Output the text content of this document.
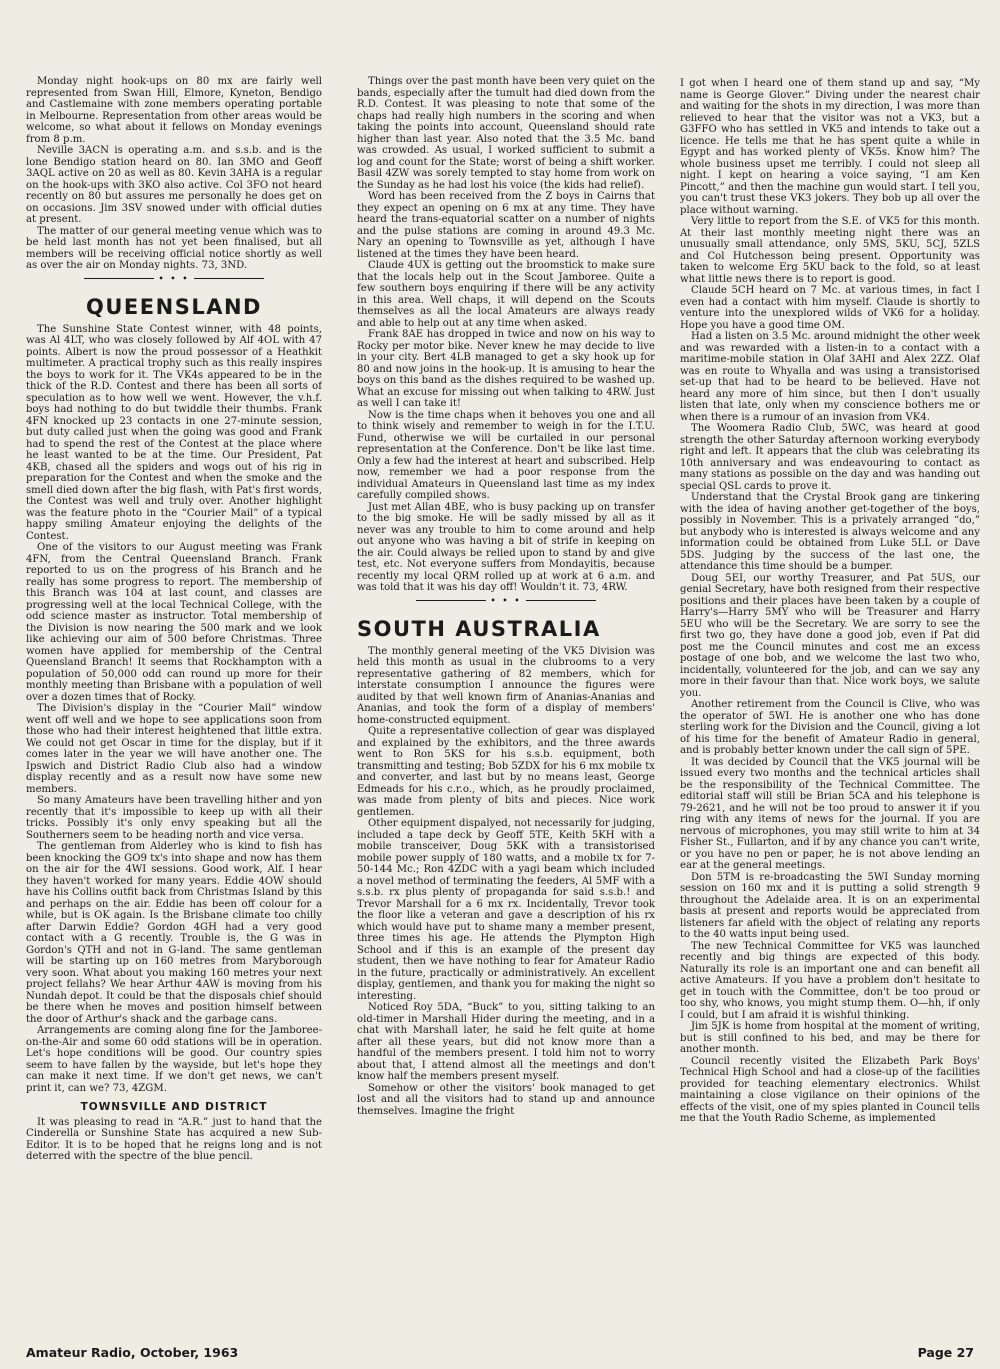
Monday night hook-ups on 80 mx are fairly well represented from Swan Hill, Elmore, Kyneton, Bendigo and Castlemaine with zone members operating portable in Melbourne. Representation from other areas would be welcome, so what about it fellows on Monday evenings from 8 p.m.

Neville 3ACN is operating a.m. and s.s.b. and is the lone Bendigo station heard on 80. Ian 3MO and Geoff 3AQL active on 20 as well as 80. Kevin 3AHA is a regular on the hook-ups with 3KO also active. Col 3FO not heard recently on 80 but assures me personally he does get on on occasions. Jim 3SV snowed under with official duties at present.

The matter of our general meeting venue which was to be held last month has not yet been finalised, but all members will be receiving official notice shortly as well as over the air on Monday nights. 73, 3ND.

• • •
QUEENSLAND

The Sunshine State Contest winner, with 48 points, was Al 4LT, who was closely followed by Alf 4OL with 47 points. Albert is now the proud possessor of a Heathkit multimeter. A practical trophy such as this really inspires the boys to work for it. The VK4s appeared to be in the thick of the R.D. Contest and there has been all sorts of speculation as to how well we went. However, the v.h.f. boys had nothing to do but twiddle their thumbs. Frank 4FN knocked up 23 contacts in one 27-minute session, but duty called just when the going was good and Frank had to spend the rest of the Contest at the place where he least wanted to be at the time. Our President, Pat 4KB, chased all the spiders and wogs out of his rig in preparation for the Contest and when the smoke and the smell died down after the big flash, with Pat's first words, the Contest was well and truly over. Another highlight was the feature photo in the “Courier Mail” of a typical happy smiling Amateur enjoying the delights of the Contest.

One of the visitors to our August meeting was Frank 4FN, from the Central Queensland Branch. Frank reported to us on the progress of his Branch and he really has some progress to report. The membership of this Branch was 104 at last count, and classes are progressing well at the local Technical College, with the odd science master as instructor. Total membership of the Division is now nearing the 500 mark and we look like achieving our aim of 500 before Christmas. Three women have applied for membership of the Central Queensland Branch! It seems that Rockhampton with a population of 50,000 odd can round up more for their monthly meeting than Brisbane with a population of well over a dozen times that of Rocky.

The Division's display in the “Courier Mail” window went off well and we hope to see applications soon from those who had their interest heightened that little extra. We could not get Oscar in time for the display, but if it comes later in the year we will have another one. The Ipswich and District Radio Club also had a window display recently and as a result now have some new members.

So many Amateurs have been travelling hither and yon recently that it's impossible to keep up with all their tricks. Possibly it's only envy speaking but all the Southerners seem to be heading north and vice versa.

The gentleman from Alderley who is kind to fish has been knocking the GO9 tx's into shape and now has them on the air for the 4WI sessions. Good work, Alf. I hear they haven't worked for many years. Eddie 4OW should have his Collins outfit back from Christmas Island by this and perhaps on the air. Eddie has been off colour for a while, but is OK again. Is the Brisbane climate too chilly after Darwin Eddie? Gordon 4GH had a very good contact with a G recently. Trouble is, the G was in Gordon's QTH and not in G-land. The same gentleman will be starting up on 160 metres from Maryborough very soon. What about you making 160 metres your next project fellahs? We hear Arthur 4AW is moving from his Nundah depot. It could be that the disposals chief should be there when he moves and position himself between the door of Arthur's shack and the garbage cans.

Arrangements are coming along fine for the Jamboree-on-the-Air and some 60 odd stations will be in operation. Let's hope conditions will be good. Our country spies seem to have fallen by the wayside, but let's hope they can make it next time. If we don't get news, we can't print it, can we? 73, 4ZGM.

TOWNSVILLE AND DISTRICT

It was pleasing to read in “A.R.” just to hand that the Cinderella or Sunshine State has acquired a new Sub-Editor. It is to be hoped that he reigns long and is not deterred with the spectre of the blue pencil.

Things over the past month have been very quiet on the bands, especially after the tumult had died down from the R.D. Contest. It was pleasing to note that some of the chaps had really high numbers in the scoring and when taking the points into account, Queensland should rate higher than last year. Also noted that the 3.5 Mc. band was crowded. As usual, I worked sufficient to submit a log and count for the State; worst of being a shift worker. Basil 4ZW was sorely tempted to stay home from work on the Sunday as he had lost his voice (the kids had relief).

Word has been received from the Z boys in Cairns that they expect an opening on 6 mx at any time. They have heard the trans-equatorial scatter on a number of nights and the pulse stations are coming in around 49.3 Mc. Nary an opening to Townsville as yet, although I have listened at the times they have been heard.

Claude 4UX is getting out the broomstick to make sure that the locals help out in the Scout Jamboree. Quite a few southern boys enquiring if there will be any activity in this area. Well chaps, it will depend on the Scouts themselves as all the local Amateurs are always ready and able to help out at any time when asked.

Frank 8AE has dropped in twice and now on his way to Rocky per motor bike. Never knew he may decide to live in your city. Bert 4LB managed to get a sky hook up for 80 and now joins in the hook-up. It is amusing to hear the boys on this band as the dishes required to be washed up. What an excuse for missing out when talking to 4RW. Just as well I can take it!

Now is the time chaps when it behoves you one and all to think wisely and remember to weigh in for the I.T.U. Fund, otherwise we will be curtailed in our personal representation at the Conference. Don't be like last time. Only a few had the interest at heart and subscribed. Help now, remember we had a poor response from the individual Amateurs in Queensland last time as my index carefully compiled shows.

Just met Allan 4BE, who is busy packing up on transfer to the big smoke. He will be sadly missed by all as it never was any trouble to him to come around and help out anyone who was having a bit of strife in keeping on the air. Could always be relied upon to stand by and give test, etc. Not everyone suffers from Mondayitis, because recently my local QRM rolled up at work at 6 a.m. and was told that it was his day off! Wouldn't it. 73, 4RW.

• • •
SOUTH AUSTRALIA

The monthly general meeting of the VK5 Division was held this month as usual in the clubrooms to a very representative gathering of 82 members, which for interstate consumption I announce the figures were audited by that well known firm of Ananias-Ananias and Ananias, and took the form of a display of members' home-constructed equipment.

Quite a representative collection of gear was displayed and explained by the exhibitors, and the three awards went to Ron 5KS for his s.s.b. equipment, both transmitting and testing; Bob 5ZDX for his 6 mx mobile tx and converter, and last but by no means least, George Edmeads for his c.r.o., which, as he proudly proclaimed, was made from plenty of bits and pieces. Nice work gentlemen.

Other equipment dispalyed, not necessarily for judging, included a tape deck by Geoff 5TE, Keith 5KH with a mobile transceiver, Doug 5KK with a transistorised mobile power supply of 180 watts, and a mobile tx for 7-50-144 Mc.; Ron 4ZDC with a yagi beam which included a novel method of terminating the feeders, Al 5MF with a s.s.b. rx plus plenty of propaganda for said s.s.b.! and Trevor Marshall for a 6 mx rx. Incidentally, Trevor took the floor like a veteran and gave a description of his rx which would have put to shame many a member present, three times his age. He attends the Plympton High School and if this is an example of the present day student, then we have nothing to fear for Amateur Radio in the future, practically or administratively. An excellent display, gentlemen, and thank you for making the night so interesting.

Noticed Roy 5DA, “Buck” to you, sitting talking to an old-timer in Marshall Hider during the meeting, and in a chat with Marshall later, he said he felt quite at home after all these years, but did not know more than a handful of the members present. I told him not to worry about that, I attend almost all the meetings and don't know half the members present myself.

Somehow or other the visitors' book managed to get lost and all the visitors had to stand up and announce themselves. Imagine the fright

I got when I heard one of them stand up and say, “My name is George Glover.” Diving under the nearest chair and waiting for the shots in my direction, I was more than relieved to hear that the visitor was not a VK3, but a G3FFO who has settled in VK5 and intends to take out a licence. He tells me that he has spent quite a while in Egypt and has worked plenty of VK5s. Know him? The whole business upset me terribly. I could not sleep all night. I kept on hearing a voice saying, “I am Ken Pincott,” and then the machine gun would start. I tell you, you can't trust these VK3 jokers. They bob up all over the place without warning.

Very little to report from the S.E. of VK5 for this month. At their last monthly meeting night there was an unusually small attendance, only 5MS, 5KU, 5CJ, 5ZLS and Col Hutchesson being present. Opportunity was taken to welcome Erg 5KU back to the fold, so at least what little news there is to report is good.

Claude 5CH heard on 7 Mc. at various times, in fact I even had a contact with him myself. Claude is shortly to venture into the unexplored wilds of VK6 for a holiday. Hope you have a good time OM.

Had a listen on 3.5 Mc. around midnight the other week and was rewarded with a listen-in to a contact with a maritime-mobile station in Olaf 3AHI and Alex 2ZZ. Olaf was en route to Whyalla and was using a transistorised set-up that had to be heard to be believed. Have not heard any more of him since, but then I don't usually listen that late, only when my conscience bothers me or when there is a rumour of an invasion from VK4.

The Woomera Radio Club, 5WC, was heard at good strength the other Saturday afternoon working everybody right and left. It appears that the club was celebrating its 10th anniversary and was endeavouring to contact as many stations as possible on the day and was handing out special QSL cards to prove it.

Understand that the Crystal Brook gang are tinkering with the idea of having another get-together of the boys, possibly in November. This is a privately arranged “do,” but anybody who is interested is always welcome and any information could be obtained from Luke 5LL or Dave 5DS. Judging by the success of the last one, the attendance this time should be a bumper.

Doug 5EI, our worthy Treasurer, and Pat 5US, our genial Secretary, have both resigned from their respective positions and their places have been taken by a couple of Harry's—Harry 5MY who will be Treasurer and Harry 5EU who will be the Secretary. We are sorry to see the first two go, they have done a good job, even if Pat did post me the Council minutes and cost me an excess postage of one bob, and we welcome the last two who, incidentally, volunteered for the job, and can we say any more in their favour than that. Nice work boys, we salute you.

Another retirement from the Council is Clive, who was the operator of 5WI. He is another one who has done sterling work for the Division and the Council, giving a lot of his time for the benefit of Amateur Radio in general, and is probably better known under the call sign of 5PE.

It was decided by Council that the VK5 journal will be issued every two months and the technical articles shall be the responsibility of the Technical Committee. The editorial staff will still be Brian 5CA and his telephone is 79-2621, and he will not be too proud to answer it if you ring with any items of news for the journal. If you are nervous of microphones, you may still write to him at 34 Fisher St., Fullarton, and if by any chance you can't write, or you have no pen or paper, he is not above lending an ear at the general meetings.

Don 5TM is re-broadcasting the 5WI Sunday morning session on 160 mx and it is putting a solid strength 9 throughout the Adelaide area. It is on an experimental basis at present and reports would be appreciated from listeners far afield with the object of relating any reports to the 40 watts input being used.

The new Technical Committee for VK5 was launched recently and big things are expected of this body. Naturally its role is an important one and can benefit all active Amateurs. If you have a problem don't hesitate to get in touch with the Committee, don't be too proud or too shy, who knows, you might stump them. O—hh, if only I could, but I am afraid it is wishful thinking.

Jim 5JK is home from hospital at the moment of writing, but is still confined to his bed, and may be there for another month.

Council recently visited the Elizabeth Park Boys' Technical High School and had a close-up of the facilities provided for teaching elementary electronics. Whilst maintaining a close vigilance on their opinions of the effects of the visit, one of my spies planted in Council tells me that the Youth Radio Scheme, as implemented

Amateur Radio, October, 1963	Page 27
